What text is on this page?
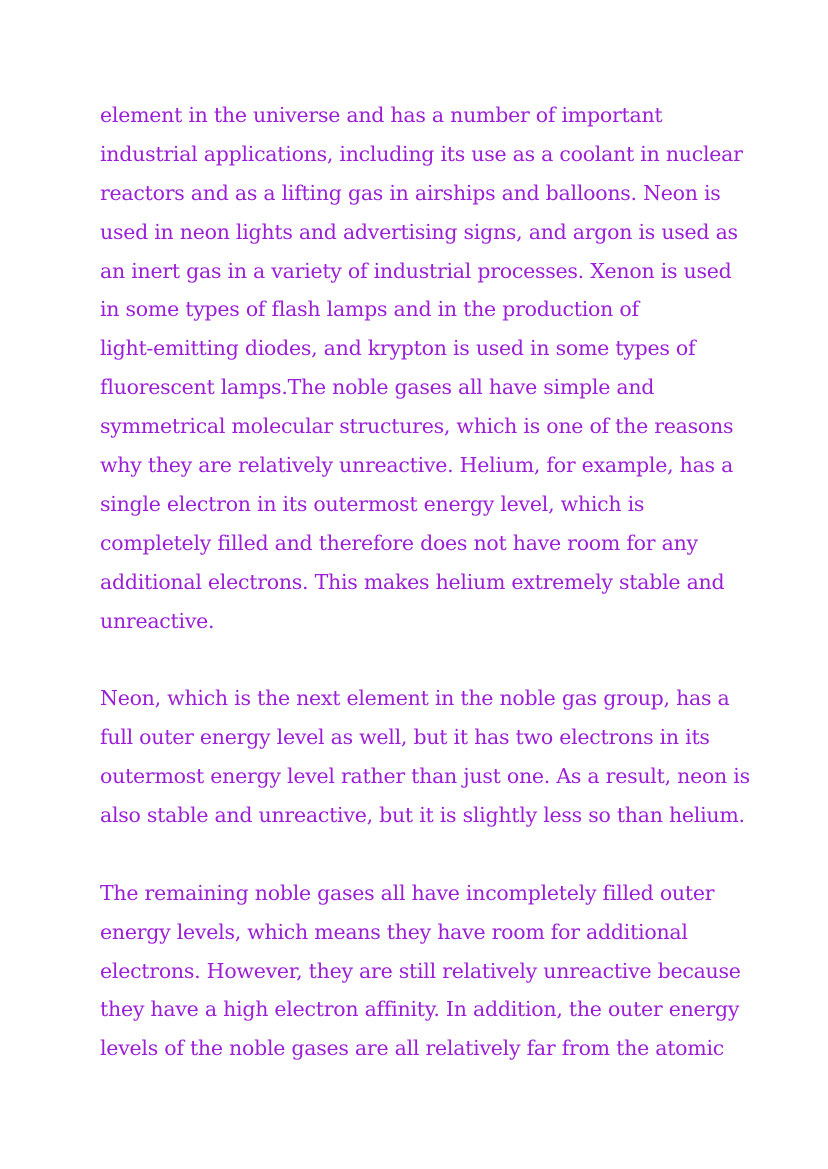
element in the universe and has a number of important
industrial applications, including its use as a coolant in nuclear
reactors and as a lifting gas in airships and balloons. Neon is
used in neon lights and advertising signs, and argon is used as
an inert gas in a variety of industrial processes. Xenon is used
in some types of flash lamps and in the production of
light-emitting diodes, and krypton is used in some types of
fluorescent lamps.The noble gases all have simple and
symmetrical molecular structures, which is one of the reasons
why they are relatively unreactive. Helium, for example, has a
single electron in its outermost energy level, which is
completely filled and therefore does not have room for any
additional electrons. This makes helium extremely stable and
unreactive.
Neon, which is the next element in the noble gas group, has a
full outer energy level as well, but it has two electrons in its
outermost energy level rather than just one. As a result, neon is
also stable and unreactive, but it is slightly less so than helium.
The remaining noble gases all have incompletely filled outer
energy levels, which means they have room for additional
electrons. However, they are still relatively unreactive because
they have a high electron affinity. In addition, the outer energy
levels of the noble gases are all relatively far from the atomic
